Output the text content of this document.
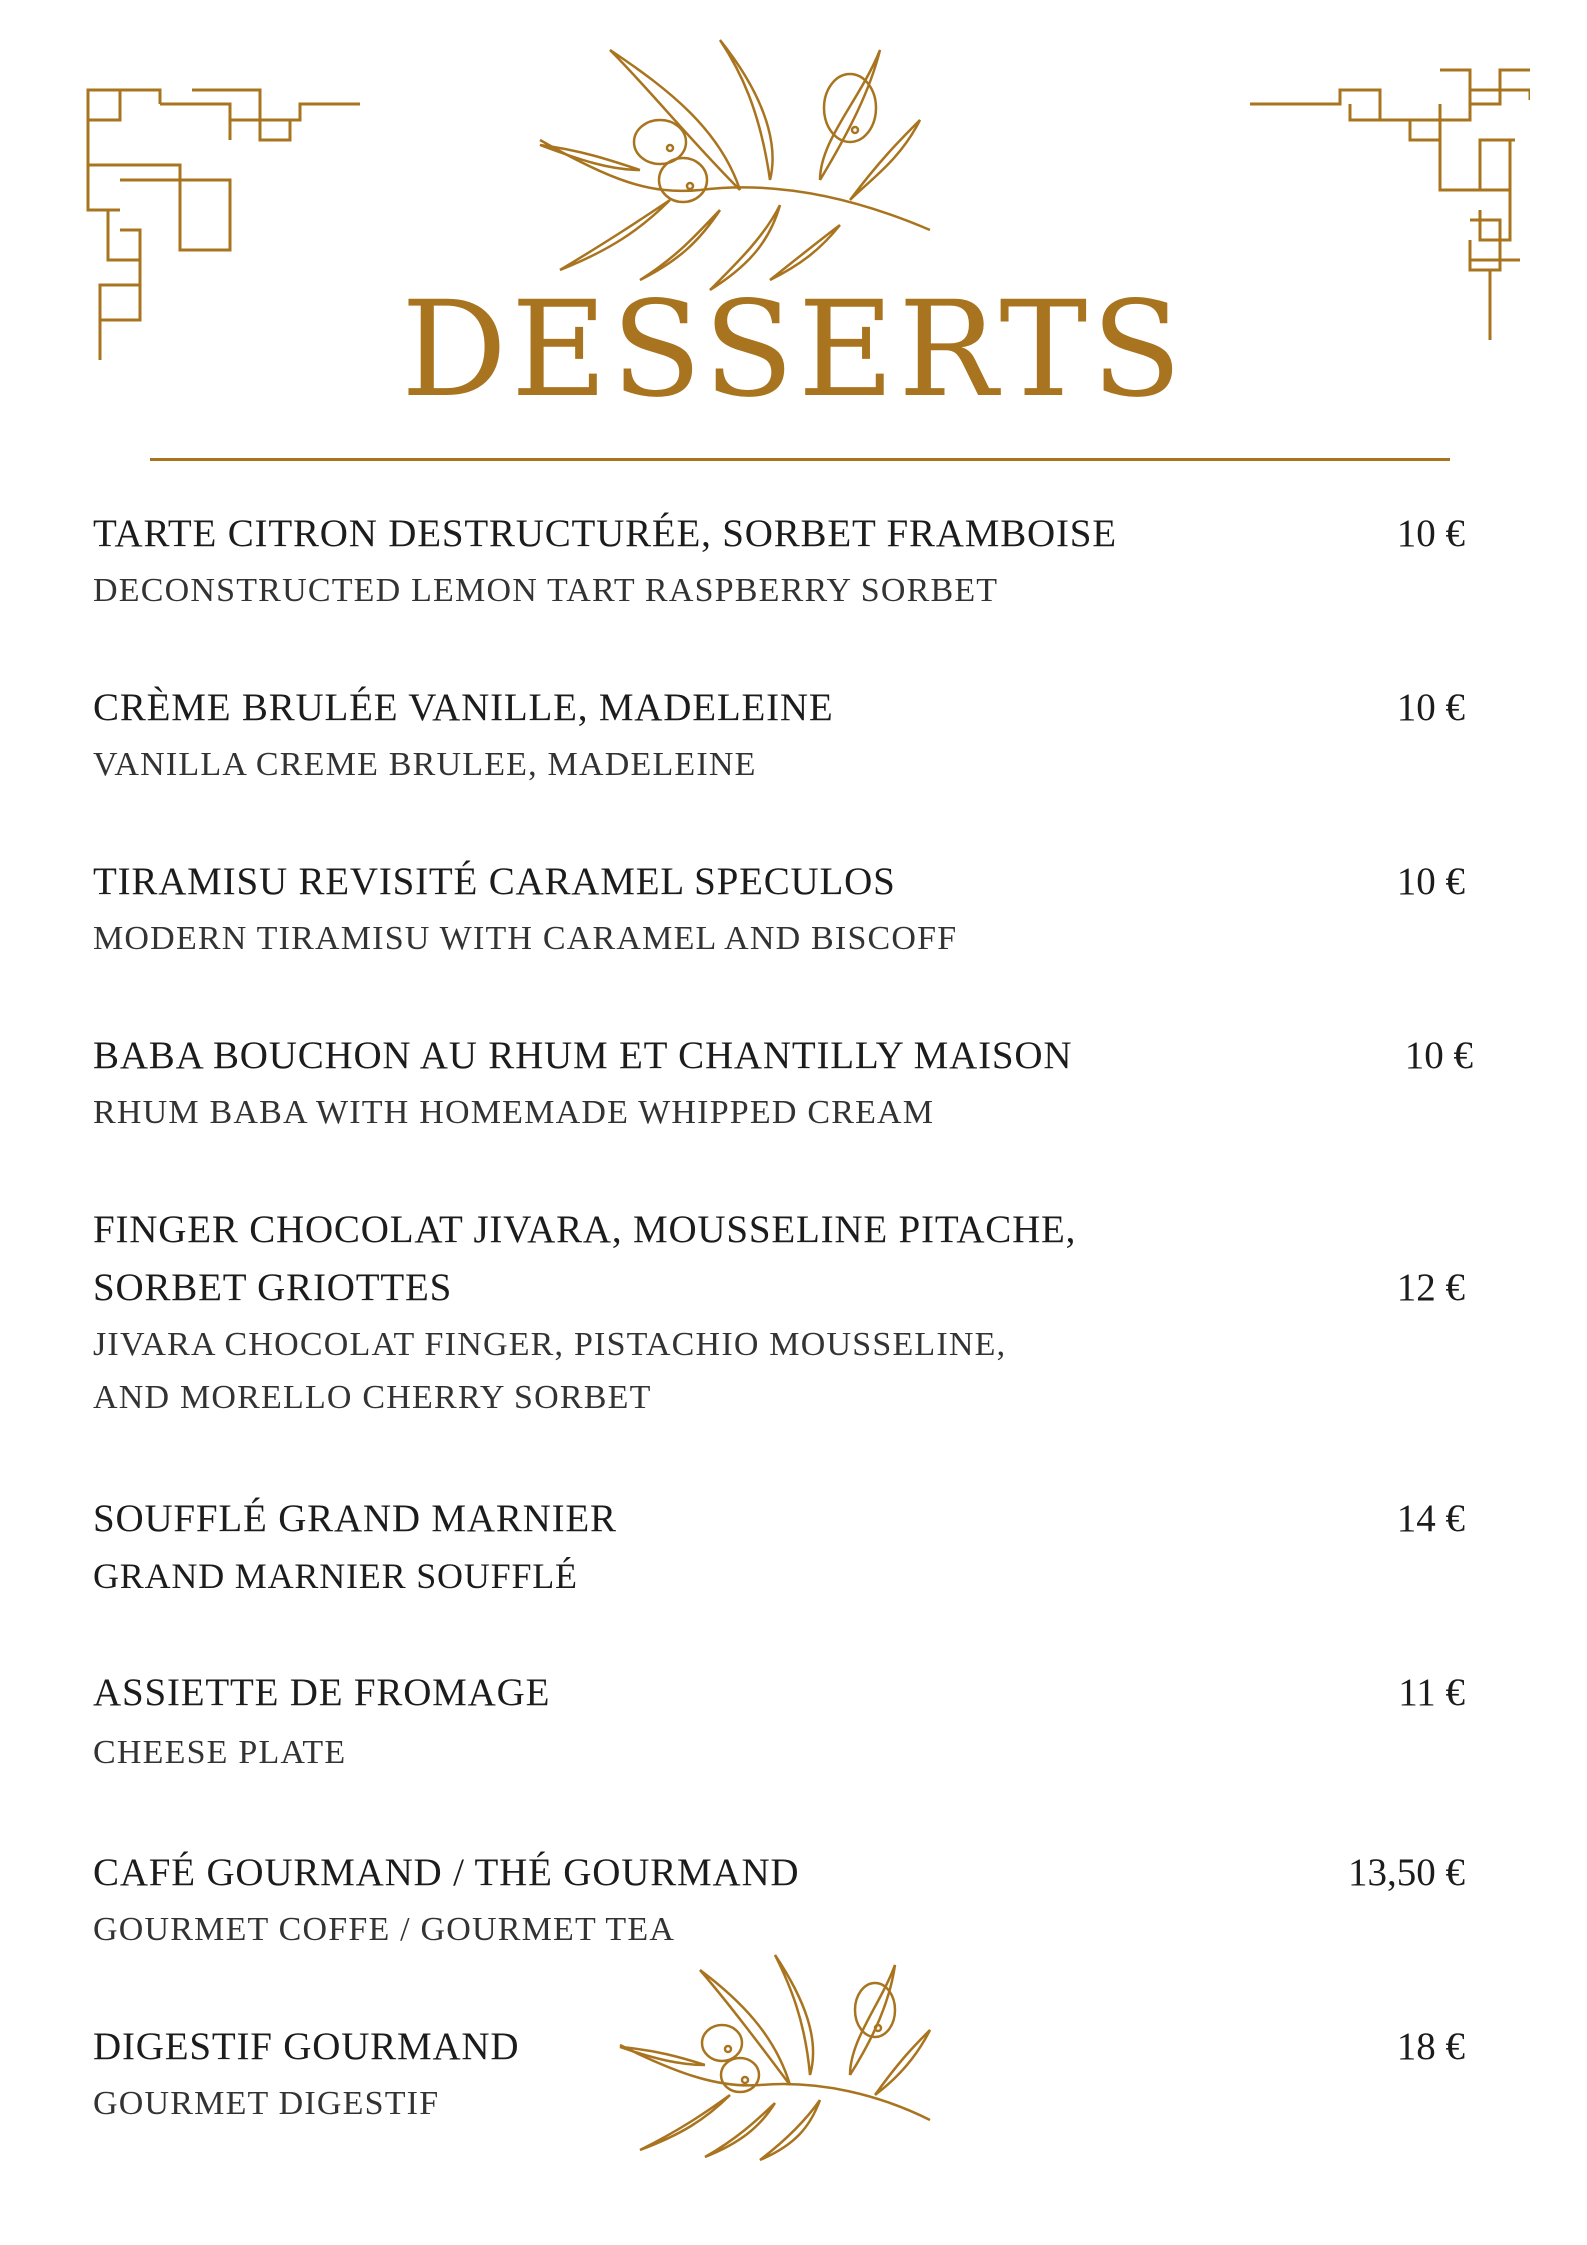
DESSERTS
TARTE CITRON DESTRUCTURÉE, SORBET FRAMBOISE
DECONSTRUCTED LEMON TART RASPBERRY SORBET
10 €
CRÈME BRULÉE VANILLE, MADELEINE
VANILLA CREME BRULEE, MADELEINE
10 €
TIRAMISU REVISITÉ CARAMEL SPECULOS
MODERN TIRAMISU WITH CARAMEL AND BISCOFF
10 €
BABA BOUCHON AU RHUM ET CHANTILLY MAISON
RHUM BABA WITH HOMEMADE WHIPPED CREAM
10 €
FINGER CHOCOLAT JIVARA, MOUSSELINE PITACHE,
SORBET GRIOTTES
JIVARA CHOCOLAT FINGER, PISTACHIO MOUSSELINE,
AND MORELLO CHERRY SORBET
12 €
SOUFFLÉ GRAND MARNIER
GRAND MARNIER SOUFFLÉ
14 €
ASSIETTE DE FROMAGE
CHEESE PLATE
11 €
CAFÉ GOURMAND / THÉ GOURMAND
GOURMET COFFE / GOURMET TEA
13,50 €
DIGESTIF GOURMAND
GOURMET DIGESTIF
18 €
